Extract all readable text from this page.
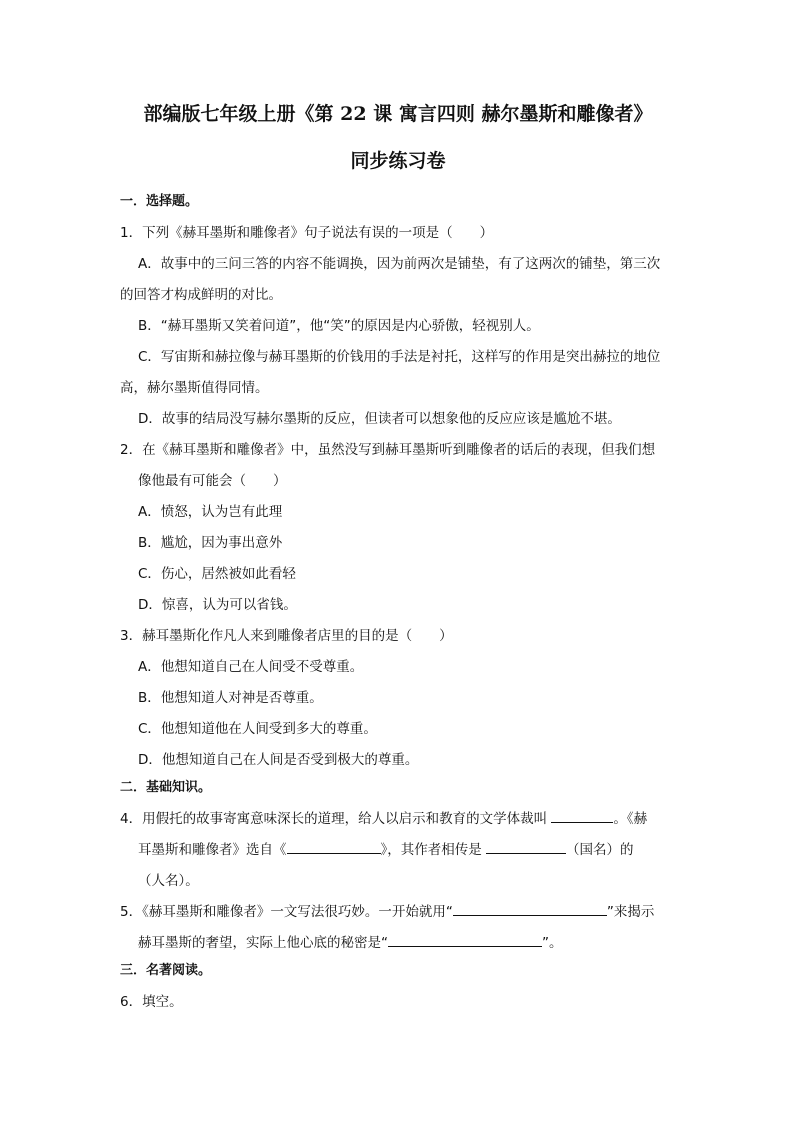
部编版七年级上册《第 22 课 寓言四则 赫尔墨斯和雕像者》
同步练习卷
一．选择题。
1．下列《赫耳墨斯和雕像者》句子说法有误的一项是（　　）
A．故事中的三问三答的内容不能调换，因为前两次是铺垫，有了这两次的铺垫，第三次
的回答才构成鲜明的对比。
B．“赫耳墨斯又笑着问道”，他“笑”的原因是内心骄傲，轻视别人。
C．写宙斯和赫拉像与赫耳墨斯的价钱用的手法是衬托，这样写的作用是突出赫拉的地位
高，赫尔墨斯值得同情。
D．故事的结局没写赫尔墨斯的反应，但读者可以想象他的反应应该是尴尬不堪。
2．在《赫耳墨斯和雕像者》中，虽然没写到赫耳墨斯听到雕像者的话后的表现，但我们想
像他最有可能会（　　）
A．愤怒，认为岂有此理
B．尴尬，因为事出意外
C．伤心，居然被如此看轻
D．惊喜，认为可以省钱。
3．赫耳墨斯化作凡人来到雕像者店里的目的是（　　）
A．他想知道自己在人间受不受尊重。
B．他想知道人对神是否尊重。
C．他想知道他在人间受到多大的尊重。
D．他想知道自己在人间是否受到极大的尊重。
二．基础知识。
4．用假托的故事寄寓意味深长的道理，给人以启示和教育的文学体裁叫	。《赫
耳墨斯和雕像者》选自《	》，其作者相传是	（国名）的
（人名）。
5．《赫耳墨斯和雕像者》一文写法很巧妙。一开始就用“	”来揭示
赫耳墨斯的奢望，实际上他心底的秘密是“	”。
三．名著阅读。
6．填空。
